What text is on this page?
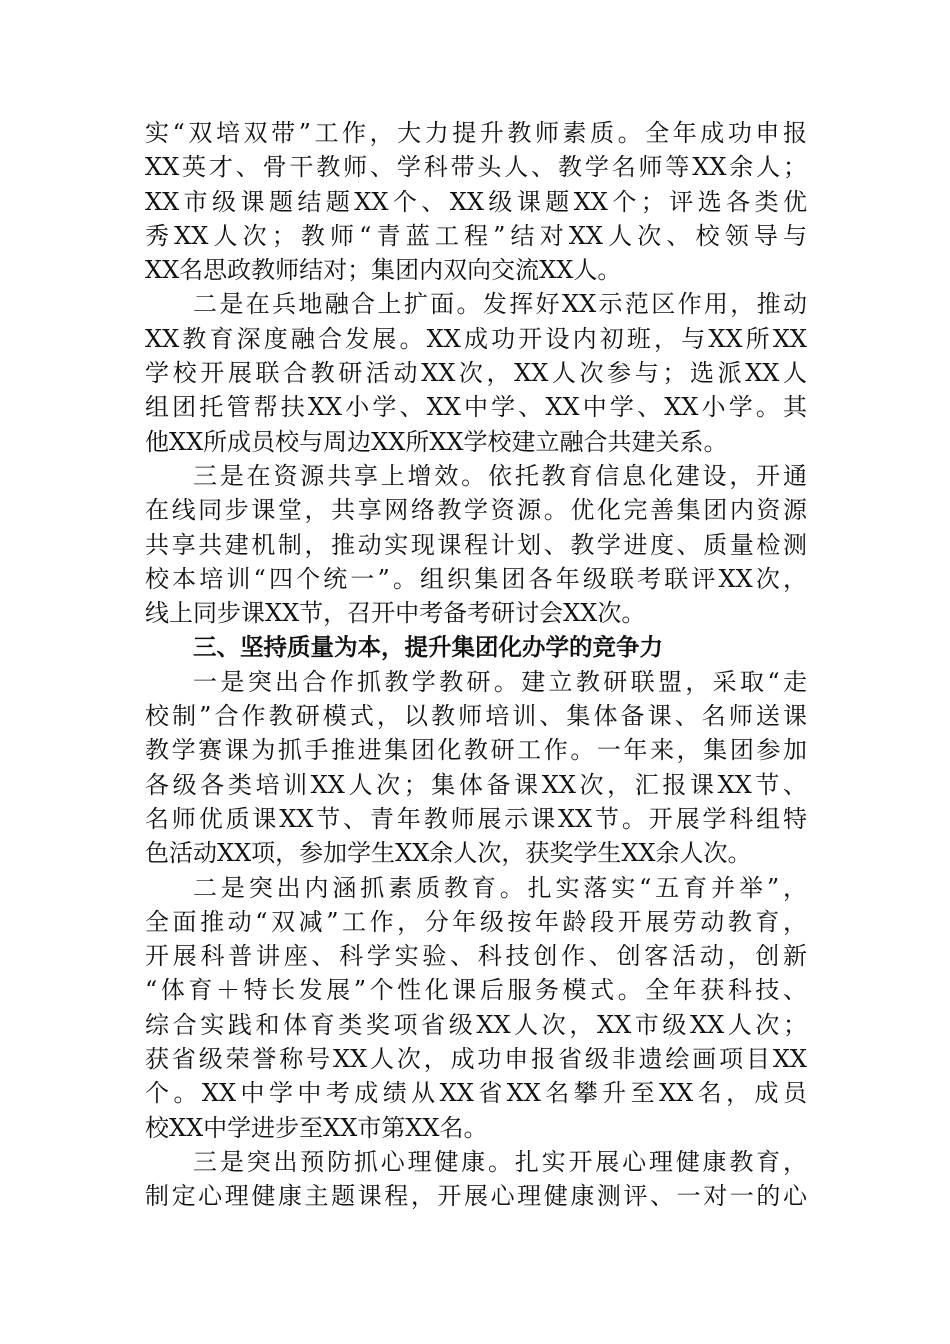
实“双培双带”工作，大力提升教师素质。全年成功申报
XX英才、骨干教师、学科带头人、教学名师等XX余人；
XX市级课题结题XX个、XX级课题XX个；评选各类优
秀XX人次；教师“青蓝工程”结对XX人次、校领导与
XX名思政教师结对；集团内双向交流XX人。
二是在兵地融合上扩面。发挥好XX示范区作用，推动
XX教育深度融合发展。XX成功开设内初班，与XX所XX
学校开展联合教研活动XX次，XX人次参与；选派XX人
组团托管帮扶XX小学、XX中学、XX中学、XX小学。其
他XX所成员校与周边XX所XX学校建立融合共建关系。
三是在资源共享上增效。依托教育信息化建设，开通
在线同步课堂，共享网络教学资源。优化完善集团内资源
共享共建机制，推动实现课程计划、教学进度、质量检测
校本培训“四个统一”。组织集团各年级联考联评XX次，
线上同步课XX节，召开中考备考研讨会XX次。
三、坚持质量为本，提升集团化办学的竞争力
一是突出合作抓教学教研。建立教研联盟，采取“走
校制”合作教研模式，以教师培训、集体备课、名师送课
教学赛课为抓手推进集团化教研工作。一年来，集团参加
各级各类培训XX人次；集体备课XX次，汇报课XX节、
名师优质课XX节、青年教师展示课XX节。开展学科组特
色活动XX项，参加学生XX余人次，获奖学生XX余人次。
二是突出内涵抓素质教育。扎实落实“五育并举”，
全面推动“双减”工作，分年级按年龄段开展劳动教育，
开展科普讲座、科学实验、科技创作、创客活动，创新
“体育＋特长发展”个性化课后服务模式。全年获科技、
综合实践和体育类奖项省级XX人次，XX市级XX人次；
获省级荣誉称号XX人次，成功申报省级非遗绘画项目XX
个。XX中学中考成绩从XX省XX名攀升至XX名，成员
校XX中学进步至XX市第XX名。
三是突出预防抓心理健康。扎实开展心理健康教育，
制定心理健康主题课程，开展心理健康测评、一对一的心
